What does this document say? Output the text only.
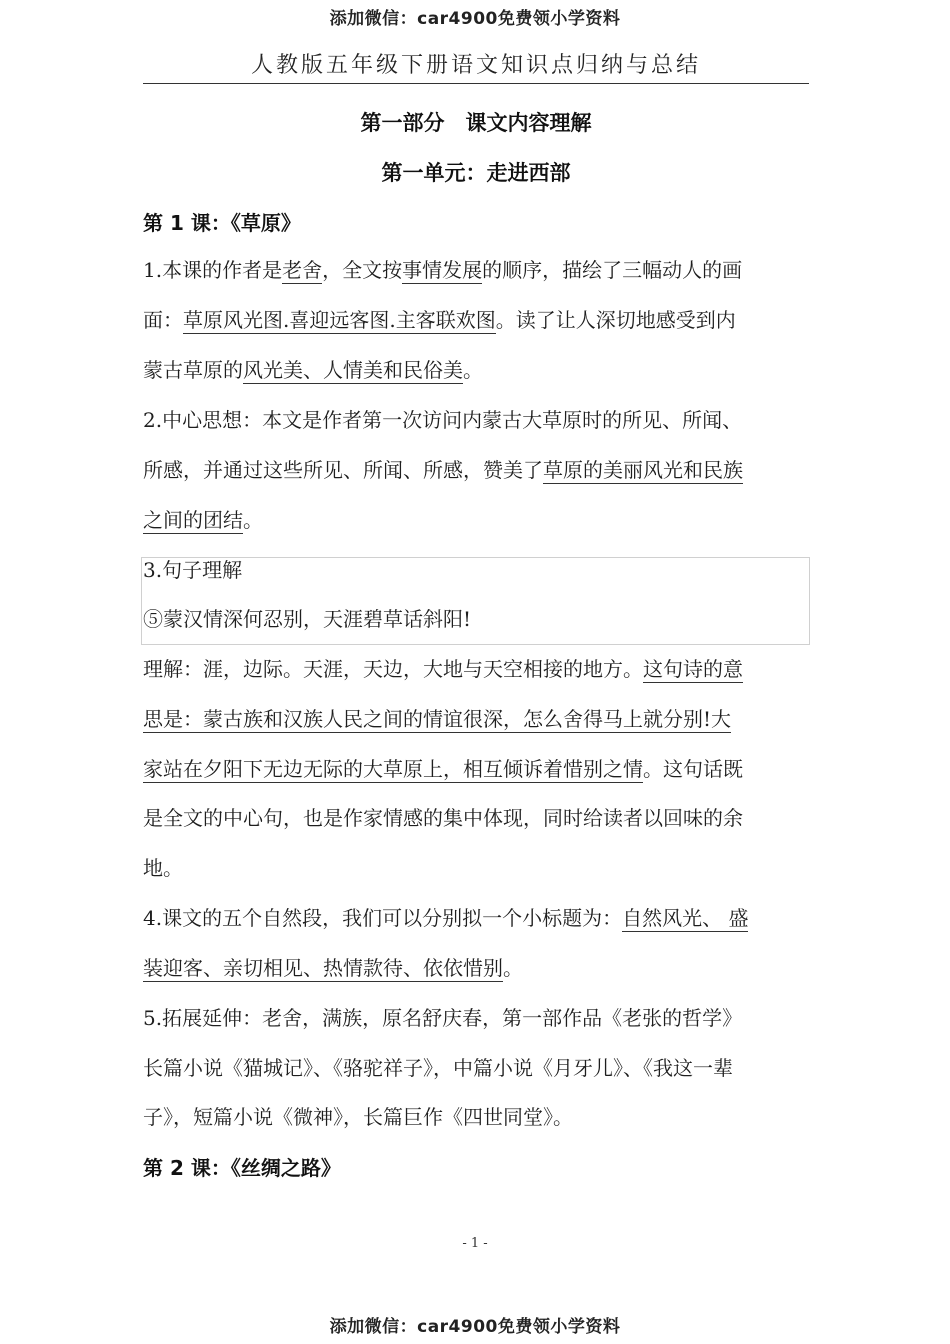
添加微信：car4900免费领小学资料
人教版五年级下册语文知识点归纳与总结
第一部分　课文内容理解
第一单元：走进西部
第 1 课：《草原》
1.本课的作者是老舍，全文按事情发展的顺序，描绘了三幅动人的画
面：草原风光图.喜迎远客图.主客联欢图。读了让人深切地感受到内
蒙古草原的风光美、人情美和民俗美。
2.中心思想：本文是作者第一次访问内蒙古大草原时的所见、所闻、
所感，并通过这些所见、所闻、所感，赞美了草原的美丽风光和民族
之间的团结。
3.句子理解
⑤蒙汉情深何忍别，天涯碧草话斜阳!
理解：涯，边际。天涯，天边，大地与天空相接的地方。这句诗的意
思是：蒙古族和汉族人民之间的情谊很深，怎么舍得马上就分别!大
家站在夕阳下无边无际的大草原上，相互倾诉着惜别之情。这句话既
是全文的中心句，也是作家情感的集中体现，同时给读者以回味的余
地。
4.课文的五个自然段，我们可以分别拟一个小标题为：自然风光、 盛
装迎客、亲切相见、热情款待、依依惜别。
5.拓展延伸：老舍，满族，原名舒庆春，第一部作品《老张的哲学》
长篇小说《猫城记》、《骆驼祥子》，中篇小说《月牙儿》、《我这一辈
子》，短篇小说《微神》，长篇巨作《四世同堂》。
第 2 课：《丝绸之路》
- 1 -
添加微信：car4900免费领小学资料
